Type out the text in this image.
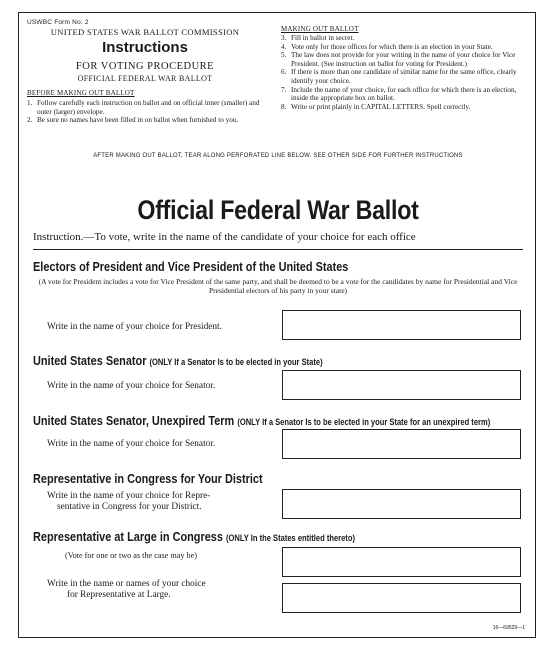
USWBC Form No. 2
UNITED STATES WAR BALLOT COMMISSION
Instructions
FOR VOTING PROCEDURE
OFFICIAL FEDERAL WAR BALLOT
BEFORE MAKING OUT BALLOT
1. Follow carefully each instruction on ballot and on official inner (smaller) and outer (larger) envelope.
2. Be sure no names have been filled in on ballot when furnished to you.
MAKING OUT BALLOT
3. Fill in ballot in secret.
4. Vote only for those offices for which there is an election in your State.
5. The law does not provide for your writing in the name of your choice for Vice President. (See instruction on ballot for voting for President.)
6. If there is more than one candidate of similar name for the same office, clearly identify your choice.
7. Include the name of your choice, for each office for which there is an election, inside the appropriate box on ballot.
8. Write or print plainly in CAPITAL LETTERS. Spell correctly.
AFTER MAKING OUT BALLOT, TEAR ALONG PERFORATED LINE BELOW. SEE OTHER SIDE FOR FURTHER INSTRUCTIONS
Official Federal War Ballot
Instruction.—To vote, write in the name of the candidate of your choice for each office
Electors of President and Vice President of the United States
(A vote for President includes a vote for Vice President of the same party, and shall be deemed to be a vote for the candidates by name for Presidential and Vice Presidential electors of his party in your state)
Write in the name of your choice for President.
United States Senator (ONLY If a Senator Is to be elected in your State)
Write in the name of your choice for Senator.
United States Senator, Unexpired Term (ONLY If a Senator Is to be elected in your State for an unexpired term)
Write in the name of your choice for Senator.
Representative in Congress for Your District
Write in the name of your choice for Repre-
sentative in Congress for your District.
Representative at Large in Congress (ONLY In the States entitled thereto)
(Vote for one or two as the case may be)
Write in the name or names of your choice
for Representative at Large.
16—69529—1
